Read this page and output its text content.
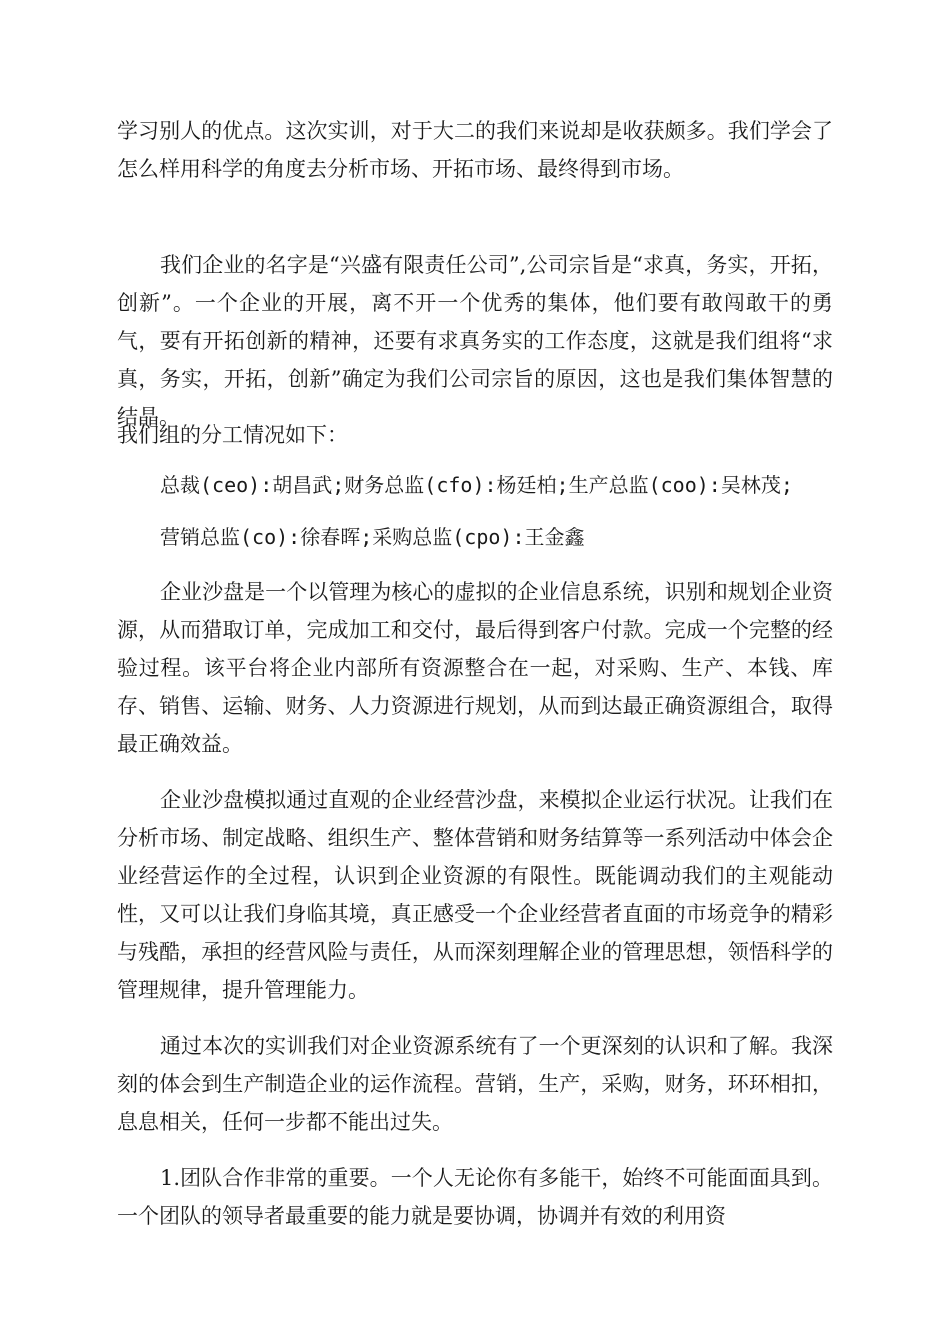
学习别人的优点。这次实训，对于大二的我们来说却是收获颇多。我们学会了怎么样用科学的角度去分析市场、开拓市场、最终得到市场。

我们企业的名字是“兴盛有限责任公司”,公司宗旨是“求真，务实，开拓，创新”。一个企业的开展，离不开一个优秀的集体，他们要有敢闯敢干的勇气，要有开拓创新的精神，还要有求真务实的工作态度，这就是我们组将“求真，务实，开拓，创新”确定为我们公司宗旨的原因，这也是我们集体智慧的结晶。

我们组的分工情况如下：

总裁(ceo):胡昌武;财务总监(cfo):杨廷柏;生产总监(coo):吴林茂;

营销总监(co):徐春晖;采购总监(cpo):王金鑫

企业沙盘是一个以管理为核心的虚拟的企业信息系统，识别和规划企业资源，从而猎取订单，完成加工和交付，最后得到客户付款。完成一个完整的经验过程。该平台将企业内部所有资源整合在一起，对采购、生产、本钱、库存、销售、运输、财务、人力资源进行规划，从而到达最正确资源组合，取得最正确效益。

企业沙盘模拟通过直观的企业经营沙盘，来模拟企业运行状况。让我们在分析市场、制定战略、组织生产、整体营销和财务结算等一系列活动中体会企业经营运作的全过程，认识到企业资源的有限性。既能调动我们的主观能动性，又可以让我们身临其境，真正感受一个企业经营者直面的市场竞争的精彩与残酷，承担的经营风险与责任，从而深刻理解企业的管理思想，领悟科学的管理规律，提升管理能力。

通过本次的实训我们对企业资源系统有了一个更深刻的认识和了解。我深刻的体会到生产制造企业的运作流程。营销，生产，采购，财务，环环相扣，息息相关，任何一步都不能出过失。

1.团队合作非常的重要。一个人无论你有多能干，始终不可能面面具到。一个团队的领导者最重要的能力就是要协调，协调并有效的利用资
